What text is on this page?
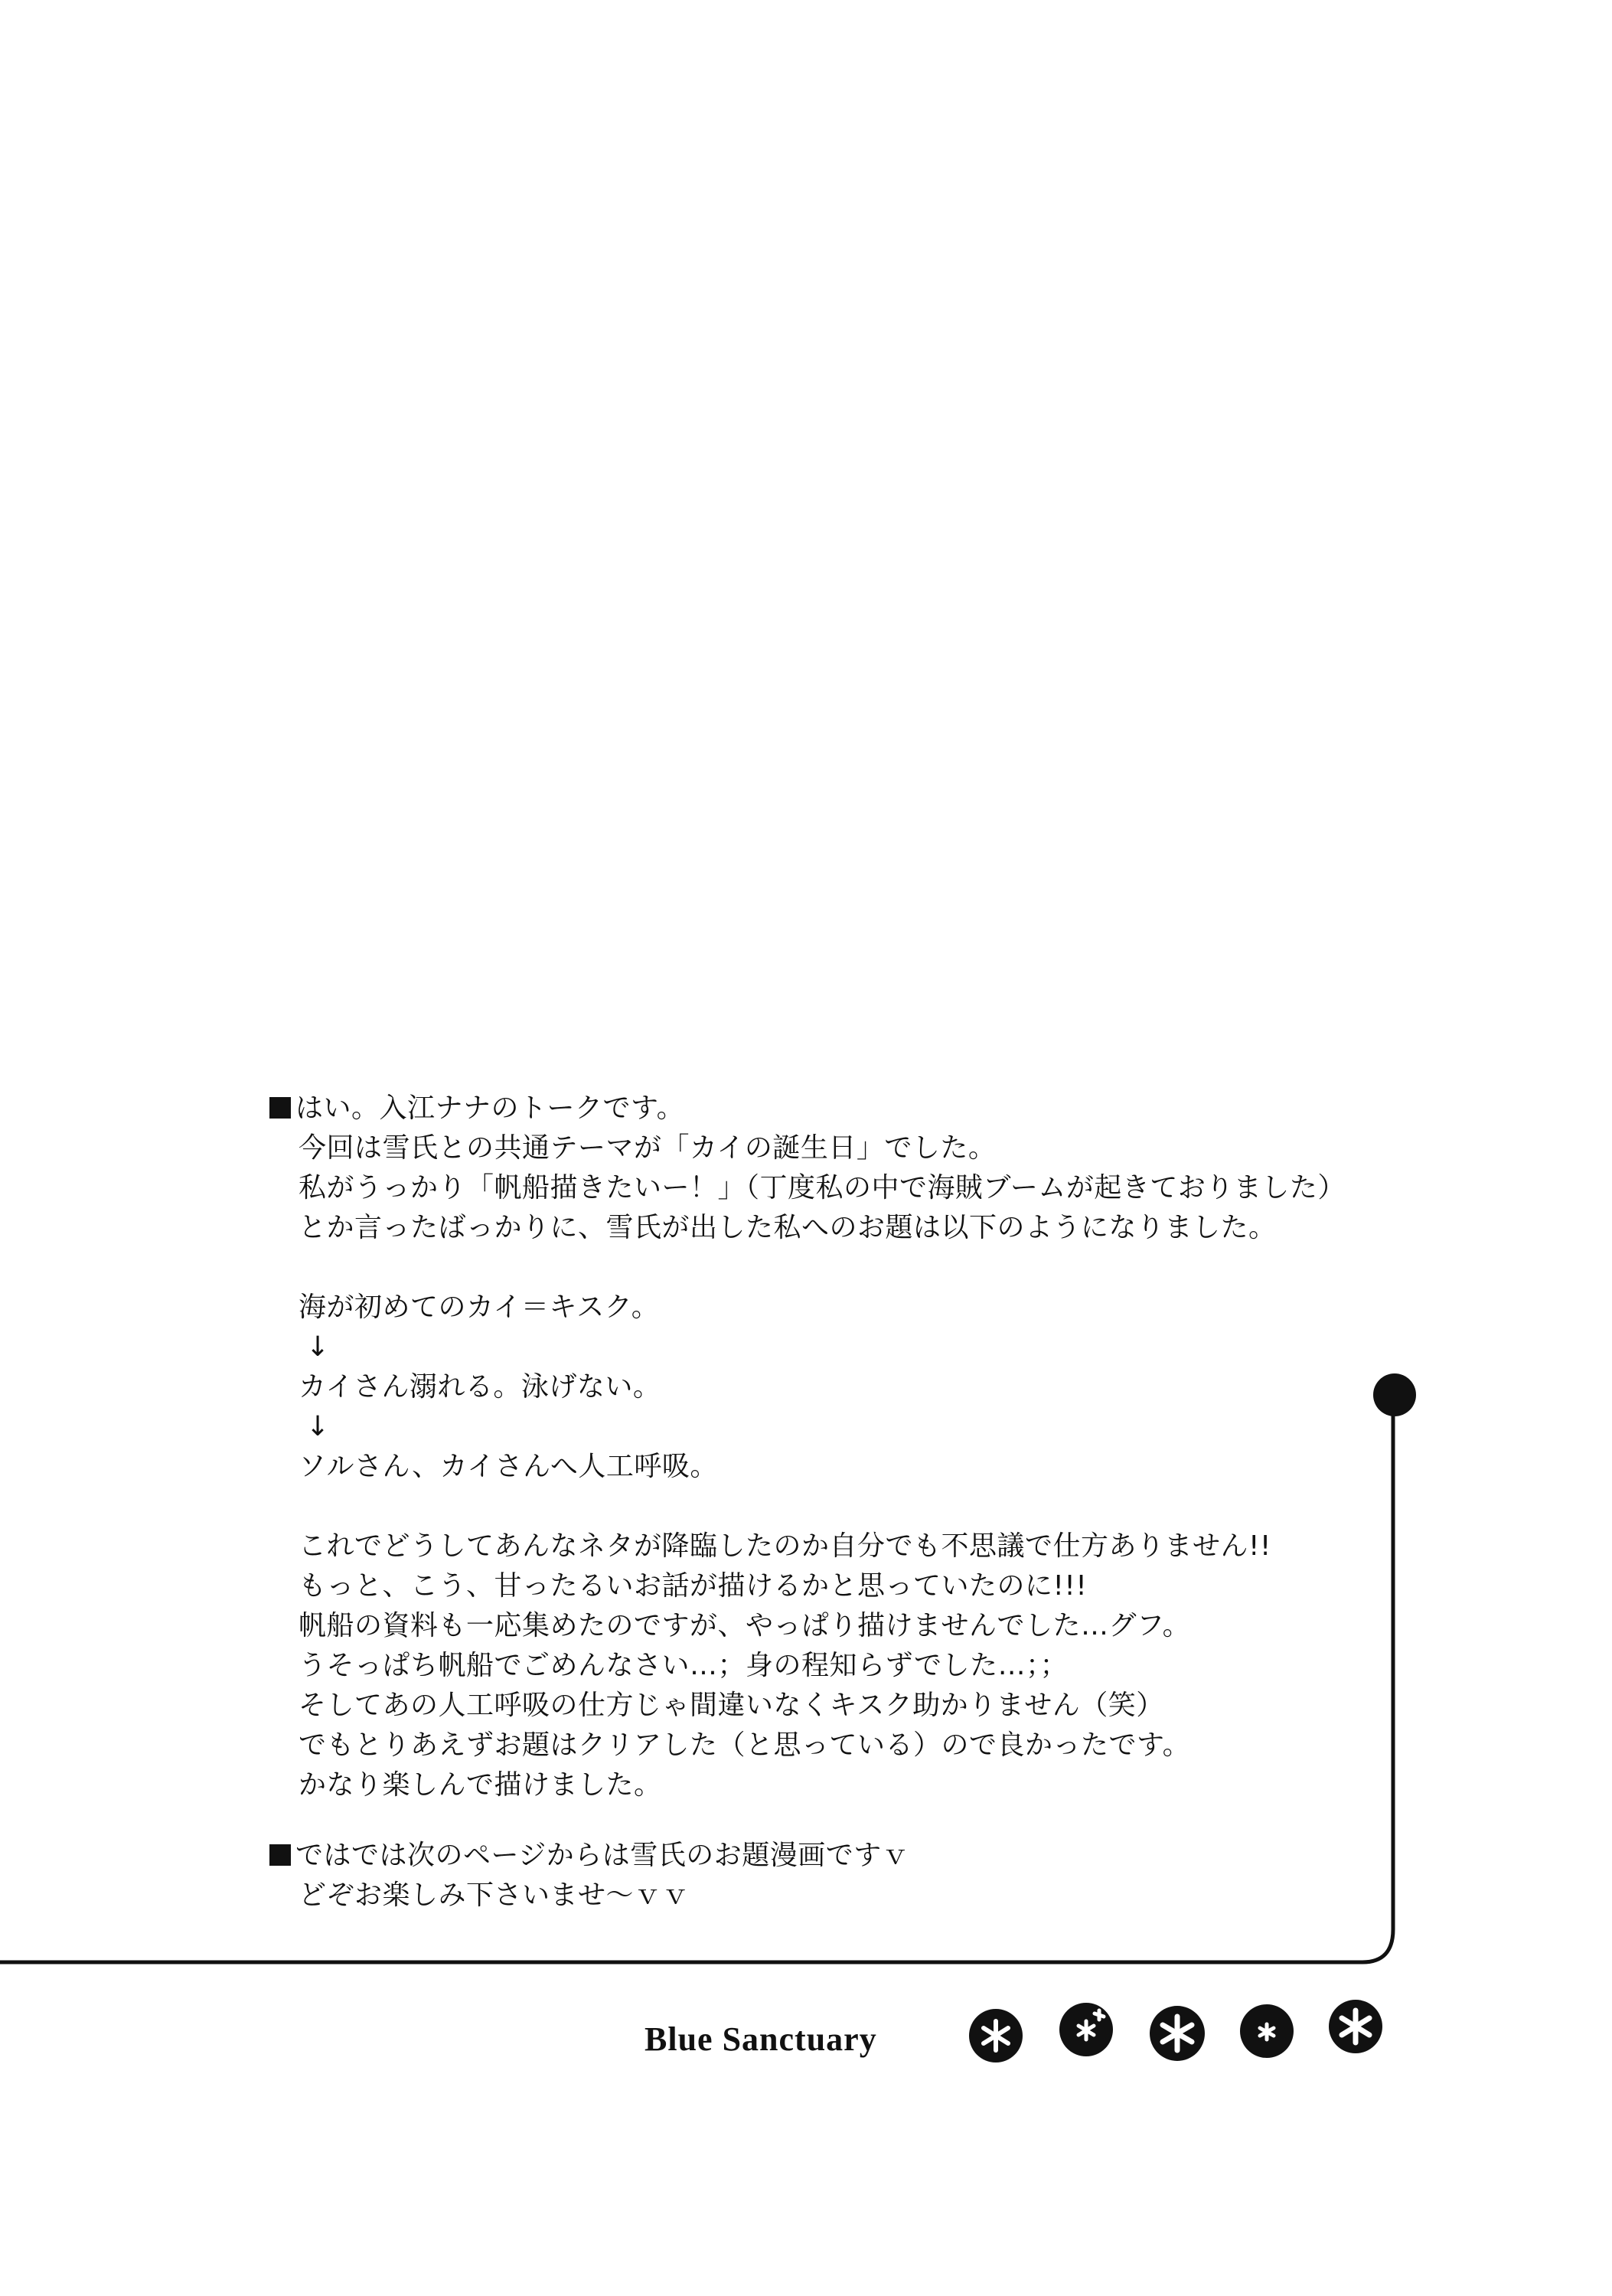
はい。入江ナナのトークです。
今回は雪氏との共通テーマが「カイの誕生日」でした。
私がうっかり「帆船描きたいー！」（丁度私の中で海賊ブームが起きておりました）
とか言ったばっかりに、雪氏が出した私へのお題は以下のようになりました。
海が初めてのカイ＝キスク。
↓
カイさん溺れる。泳げない。
↓
ソルさん、カイさんへ人工呼吸。
これでどうしてあんなネタが降臨したのか自分でも不思議で仕方ありません!!
もっと、こう、甘ったるいお話が描けるかと思っていたのに!!!
帆船の資料も一応集めたのですが、やっぱり描けませんでした…グフ。
うそっぱち帆船でごめんなさい…；身の程知らずでした…；；
そしてあの人工呼吸の仕方じゃ間違いなくキスク助かりません（笑）
でもとりあえずお題はクリアした（と思っている）ので良かったです。
かなり楽しんで描けました。
ではでは次のページからは雪氏のお題漫画ですｖ
どぞお楽しみ下さいませ～ｖｖ
Blue Sanctuary
